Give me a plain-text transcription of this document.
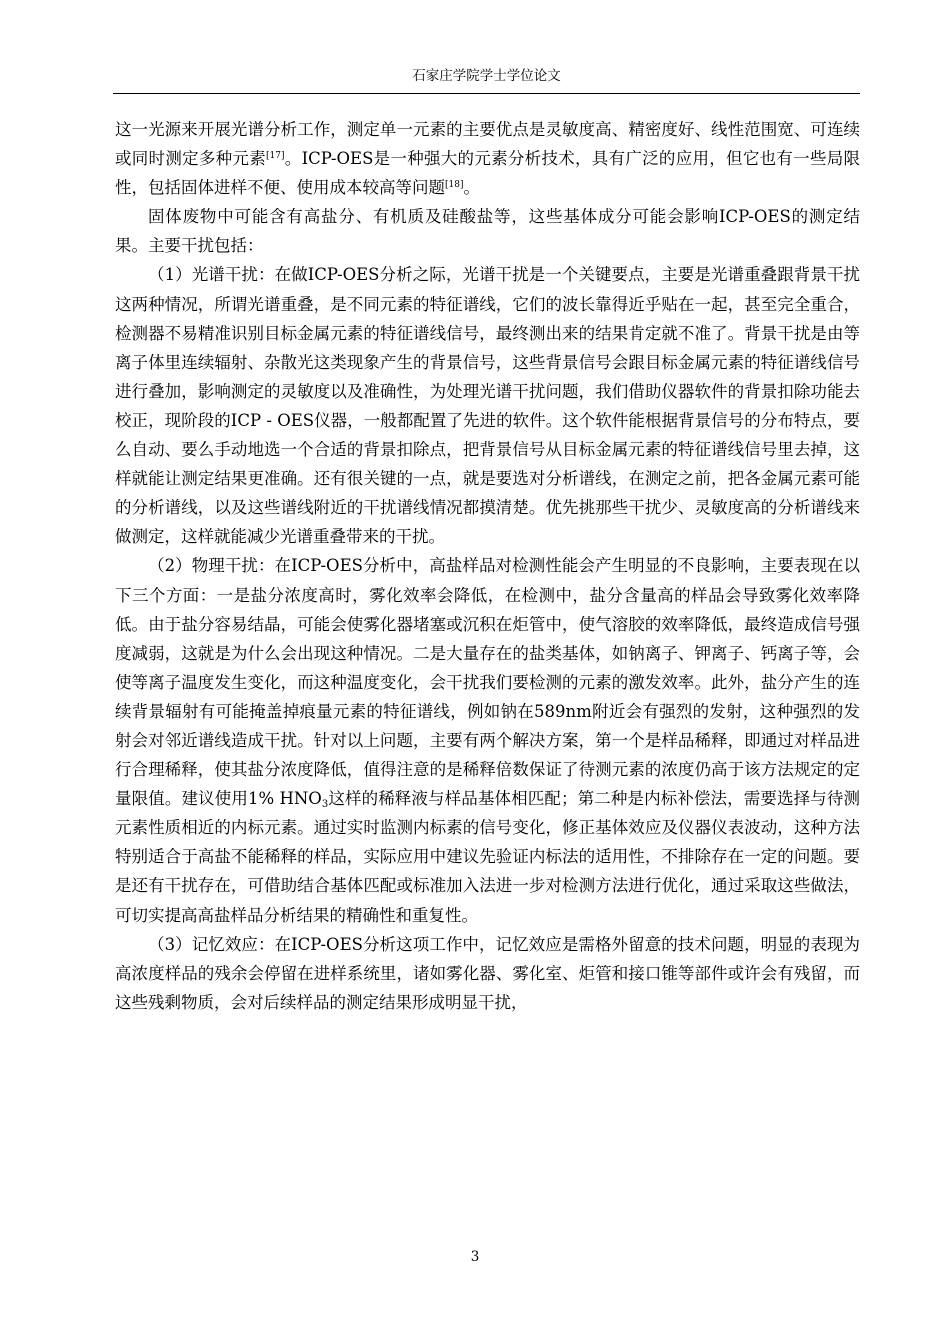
石家庄学院学士学位论文

这一光源来开展光谱分析工作，测定单一元素的主要优点是灵敏度高、精密度好、线性范围宽、可连续或同时测定多种元素[17]。ICP-OES是一种强大的元素分析技术，具有广泛的应用，但它也有一些局限性，包括固体进样不便、使用成本较高等问题[18]。

固体废物中可能含有高盐分、有机质及硅酸盐等，这些基体成分可能会影响ICP-OES的测定结果。主要干扰包括：

（1）光谱干扰：在做ICP-OES分析之际，光谱干扰是一个关键要点，主要是光谱重叠跟背景干扰这两种情况，所谓光谱重叠，是不同元素的特征谱线，它们的波长靠得近乎贴在一起，甚至完全重合，检测器不易精准识别目标金属元素的特征谱线信号，最终测出来的结果肯定就不准了。背景干扰是由等离子体里连续辐射、杂散光这类现象产生的背景信号，这些背景信号会跟目标金属元素的特征谱线信号进行叠加，影响测定的灵敏度以及准确性，为处理光谱干扰问题，我们借助仪器软件的背景扣除功能去校正，现阶段的ICP - OES仪器，一般都配置了先进的软件。这个软件能根据背景信号的分布特点，要么自动、要么手动地选一个合适的背景扣除点，把背景信号从目标金属元素的特征谱线信号里去掉，这样就能让测定结果更准确。还有很关键的一点，就是要选对分析谱线，在测定之前，把各金属元素可能的分析谱线，以及这些谱线附近的干扰谱线情况都摸清楚。优先挑那些干扰少、灵敏度高的分析谱线来做测定，这样就能减少光谱重叠带来的干扰。

（2）物理干扰：在ICP-OES分析中，高盐样品对检测性能会产生明显的不良影响，主要表现在以下三个方面：一是盐分浓度高时，雾化效率会降低，在检测中，盐分含量高的样品会导致雾化效率降低。由于盐分容易结晶，可能会使雾化器堵塞或沉积在炬管中，使气溶胶的效率降低，最终造成信号强度减弱，这就是为什么会出现这种情况。二是大量存在的盐类基体，如钠离子、钾离子、钙离子等，会使等离子温度发生变化，而这种温度变化，会干扰我们要检测的元素的激发效率。此外，盐分产生的连续背景辐射有可能掩盖掉痕量元素的特征谱线，例如钠在589nm附近会有强烈的发射，这种强烈的发射会对邻近谱线造成干扰。针对以上问题，主要有两个解决方案，第一个是样品稀释，即通过对样品进行合理稀释，使其盐分浓度降低，值得注意的是稀释倍数保证了待测元素的浓度仍高于该方法规定的定量限值。建议使用1% $HNO_3$这样的稀释液与样品基体相匹配；第二种是内标补偿法，需要选择与待测元素性质相近的内标元素。通过实时监测内标素的信号变化，修正基体效应及仪器仪表波动，这种方法特别适合于高盐不能稀释的样品，实际应用中建议先验证内标法的适用性，不排除存在一定的问题。要是还有干扰存在，可借助结合基体匹配或标准加入法进一步对检测方法进行优化，通过采取这些做法，可切实提高高盐样品分析结果的精确性和重复性。

（3）记忆效应：在ICP-OES分析这项工作中，记忆效应是需格外留意的技术问题，明显的表现为高浓度样品的残余会停留在进样系统里，诸如雾化器、雾化室、炬管和接口锥等部件或许会有残留，而这些残剩物质，会对后续样品的测定结果形成明显干扰，

3
